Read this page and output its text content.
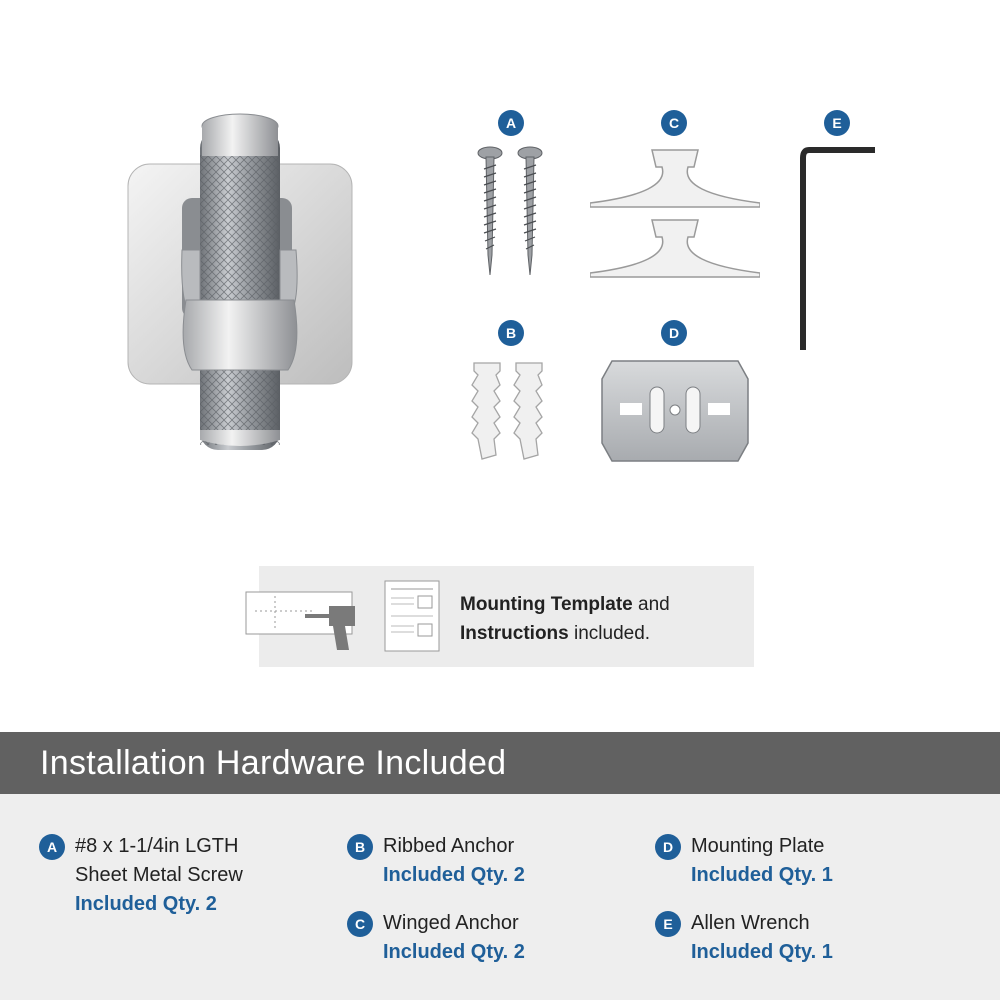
A	C	E
B	D
Mounting Template and
Instructions included.
Installation Hardware Included
A #8 x 1-1/4in LGTH
Sheet Metal Screw
Included Qty. 2
B Ribbed Anchor
Included Qty. 2
C Winged Anchor
Included Qty. 2
D Mounting Plate
Included Qty. 1
E Allen Wrench
Included Qty. 1
